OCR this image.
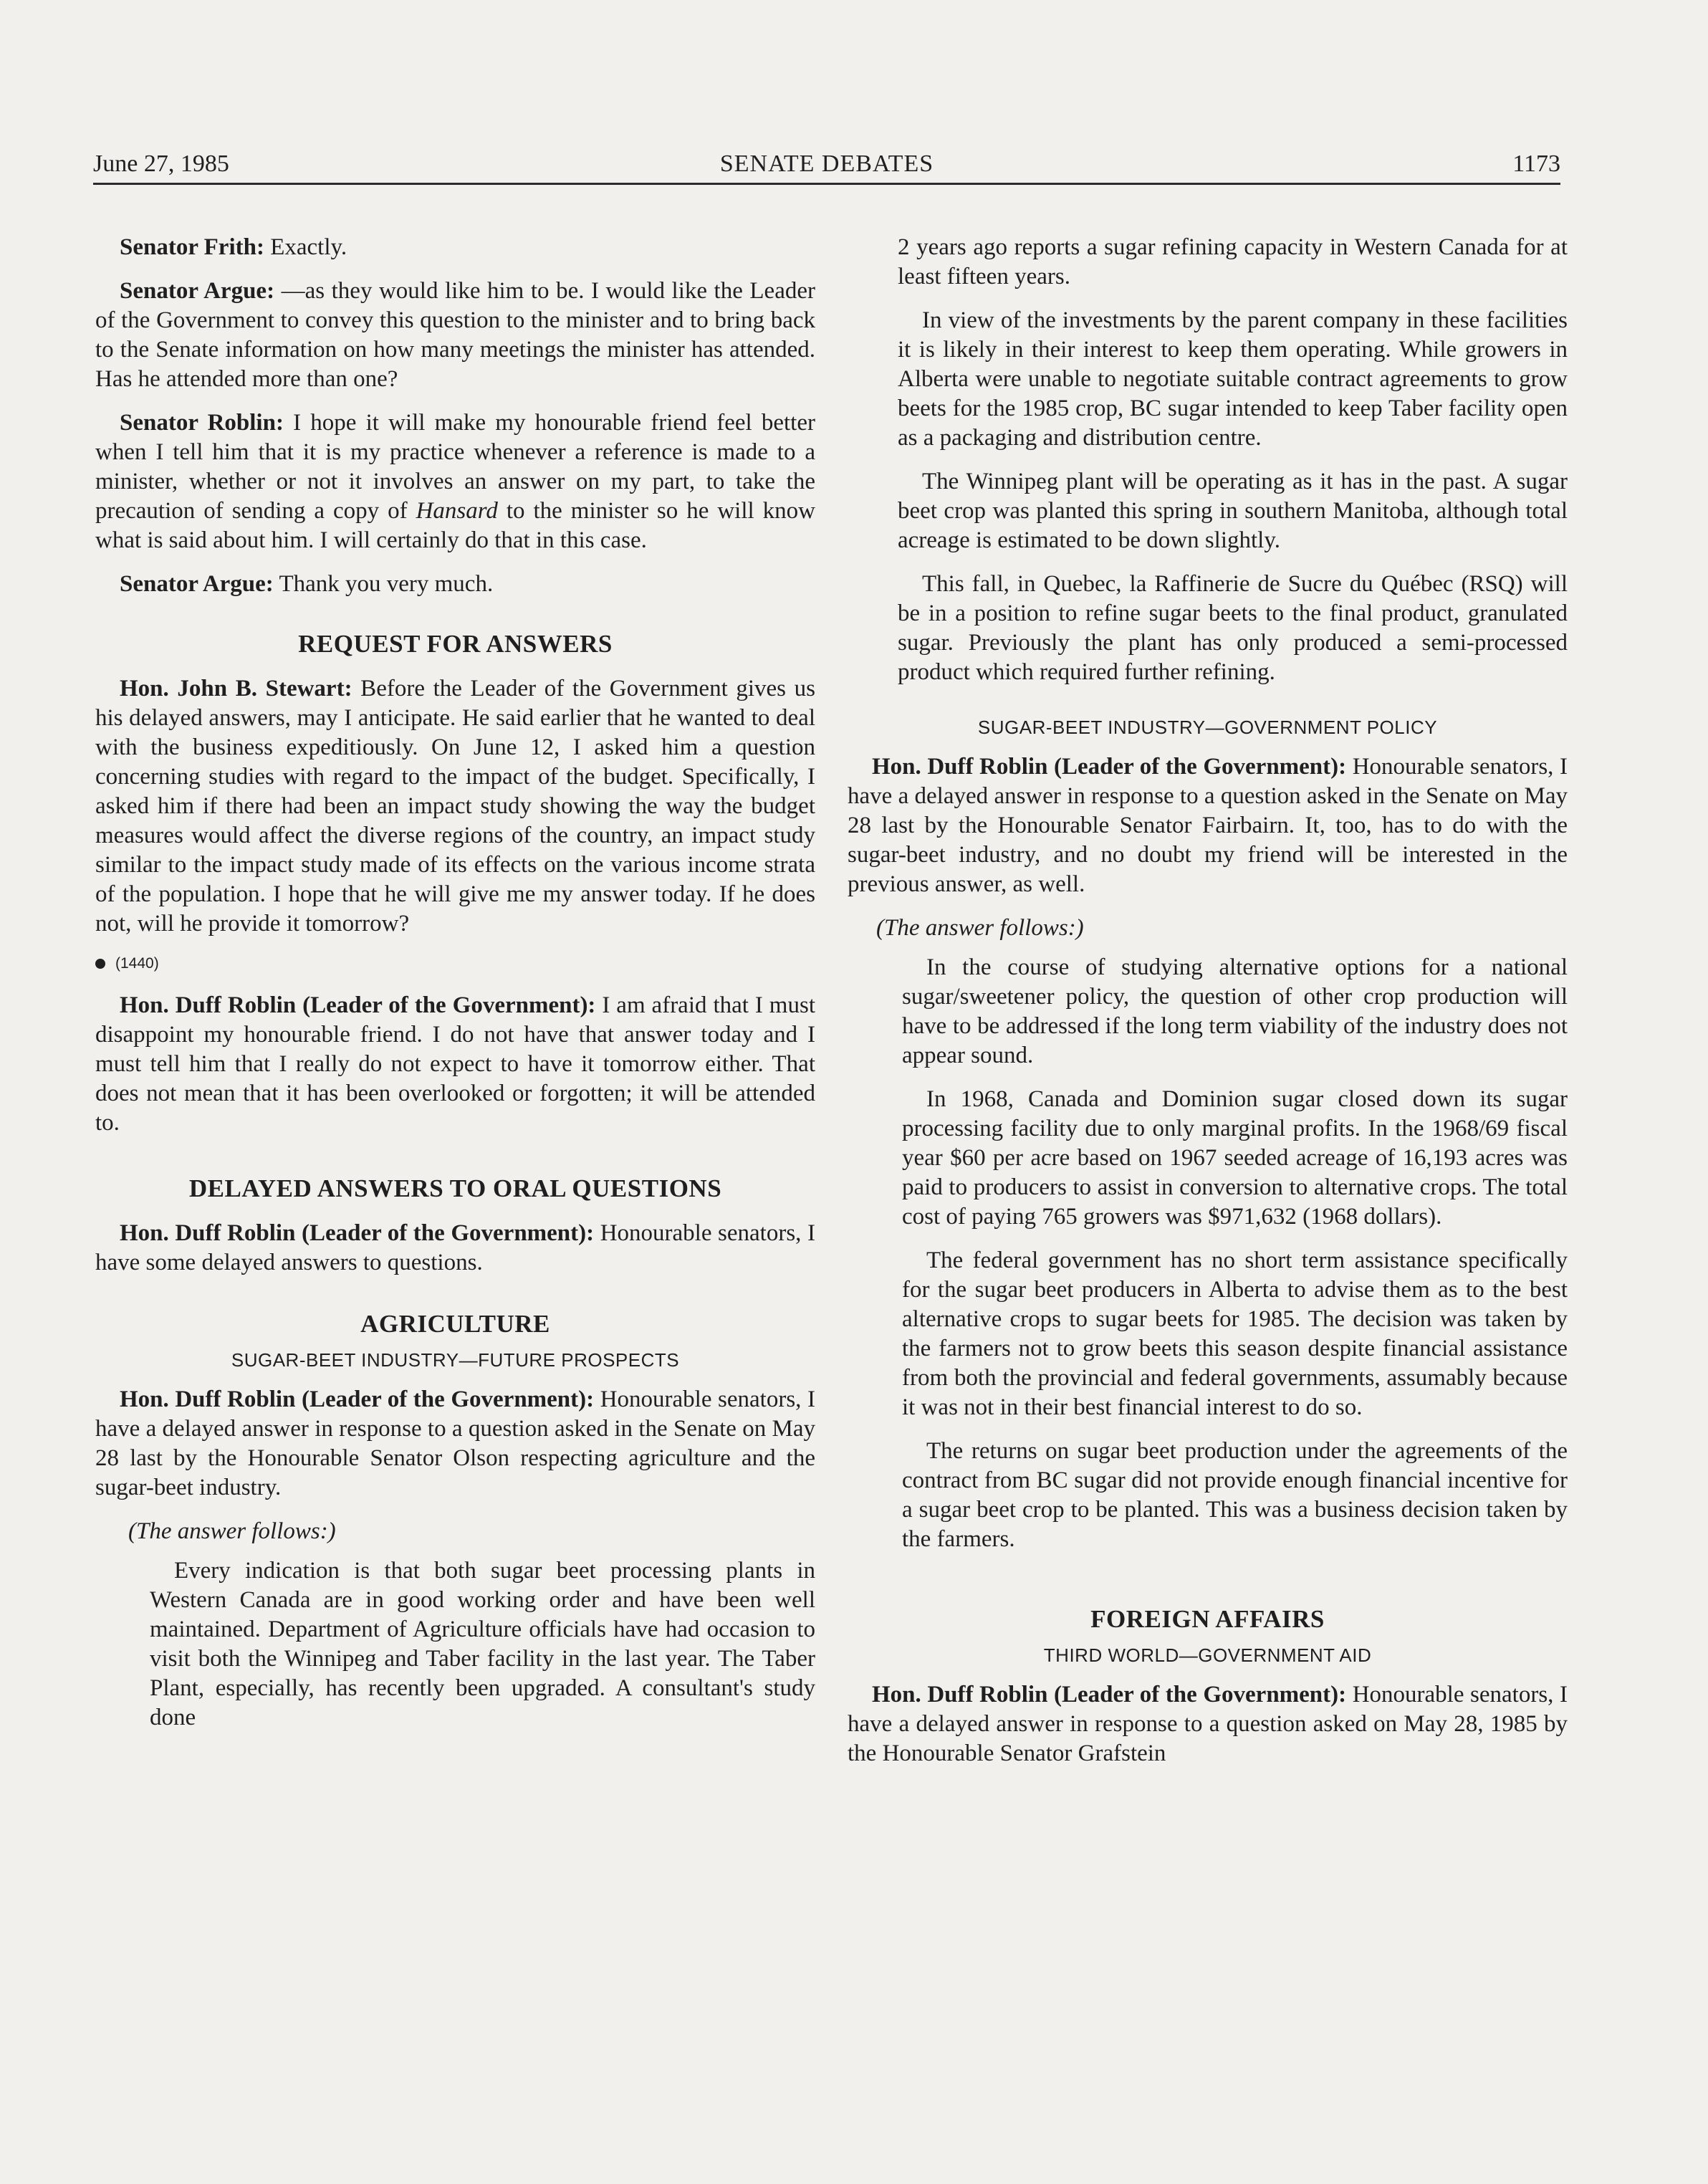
June 27, 1985	SENATE DEBATES	1173

Senator Frith: Exactly.

Senator Argue: —as they would like him to be. I would like the Leader of the Government to convey this question to the minister and to bring back to the Senate information on how many meetings the minister has attended. Has he attended more than one?

Senator Roblin: I hope it will make my honourable friend feel better when I tell him that it is my practice whenever a reference is made to a minister, whether or not it involves an answer on my part, to take the precaution of sending a copy of Hansard to the minister so he will know what is said about him. I will certainly do that in this case.

Senator Argue: Thank you very much.

REQUEST FOR ANSWERS

Hon. John B. Stewart: Before the Leader of the Government gives us his delayed answers, may I anticipate. He said earlier that he wanted to deal with the business expeditiously. On June 12, I asked him a question concerning studies with regard to the impact of the budget. Specifically, I asked him if there had been an impact study showing the way the budget measures would affect the diverse regions of the country, an impact study similar to the impact study made of its effects on the various income strata of the population. I hope that he will give me my answer today. If he does not, will he provide it tomorrow?

(1440)

Hon. Duff Roblin (Leader of the Government): I am afraid that I must disappoint my honourable friend. I do not have that answer today and I must tell him that I really do not expect to have it tomorrow either. That does not mean that it has been overlooked or forgotten; it will be attended to.

DELAYED ANSWERS TO ORAL QUESTIONS

Hon. Duff Roblin (Leader of the Government): Honourable senators, I have some delayed answers to questions.

AGRICULTURE
SUGAR-BEET INDUSTRY—FUTURE PROSPECTS

Hon. Duff Roblin (Leader of the Government): Honourable senators, I have a delayed answer in response to a question asked in the Senate on May 28 last by the Honourable Senator Olson respecting agriculture and the sugar-beet industry.

(The answer follows:)

Every indication is that both sugar beet processing plants in Western Canada are in good working order and have been well maintained. Department of Agriculture officials have had occasion to visit both the Winnipeg and Taber facility in the last year. The Taber Plant, especially, has recently been upgraded. A consultant's study done

2 years ago reports a sugar refining capacity in Western Canada for at least fifteen years.

In view of the investments by the parent company in these facilities it is likely in their interest to keep them operating. While growers in Alberta were unable to negotiate suitable contract agreements to grow beets for the 1985 crop, BC sugar intended to keep Taber facility open as a packaging and distribution centre.

The Winnipeg plant will be operating as it has in the past. A sugar beet crop was planted this spring in southern Manitoba, although total acreage is estimated to be down slightly.

This fall, in Quebec, la Raffinerie de Sucre du Québec (RSQ) will be in a position to refine sugar beets to the final product, granulated sugar. Previously the plant has only produced a semi-processed product which required further refining.

SUGAR-BEET INDUSTRY—GOVERNMENT POLICY

Hon. Duff Roblin (Leader of the Government): Honourable senators, I have a delayed answer in response to a question asked in the Senate on May 28 last by the Honourable Senator Fairbairn. It, too, has to do with the sugar-beet industry, and no doubt my friend will be interested in the previous answer, as well.

(The answer follows:)

In the course of studying alternative options for a national sugar/sweetener policy, the question of other crop production will have to be addressed if the long term viability of the industry does not appear sound.

In 1968, Canada and Dominion sugar closed down its sugar processing facility due to only marginal profits. In the 1968/69 fiscal year $60 per acre based on 1967 seeded acreage of 16,193 acres was paid to producers to assist in conversion to alternative crops. The total cost of paying 765 growers was $971,632 (1968 dollars).

The federal government has no short term assistance specifically for the sugar beet producers in Alberta to advise them as to the best alternative crops to sugar beets for 1985. The decision was taken by the farmers not to grow beets this season despite financial assistance from both the provincial and federal governments, assumably because it was not in their best financial interest to do so.

The returns on sugar beet production under the agreements of the contract from BC sugar did not provide enough financial incentive for a sugar beet crop to be planted. This was a business decision taken by the farmers.

FOREIGN AFFAIRS
THIRD WORLD—GOVERNMENT AID

Hon. Duff Roblin (Leader of the Government): Honourable senators, I have a delayed answer in response to a question asked on May 28, 1985 by the Honourable Senator Grafstein
